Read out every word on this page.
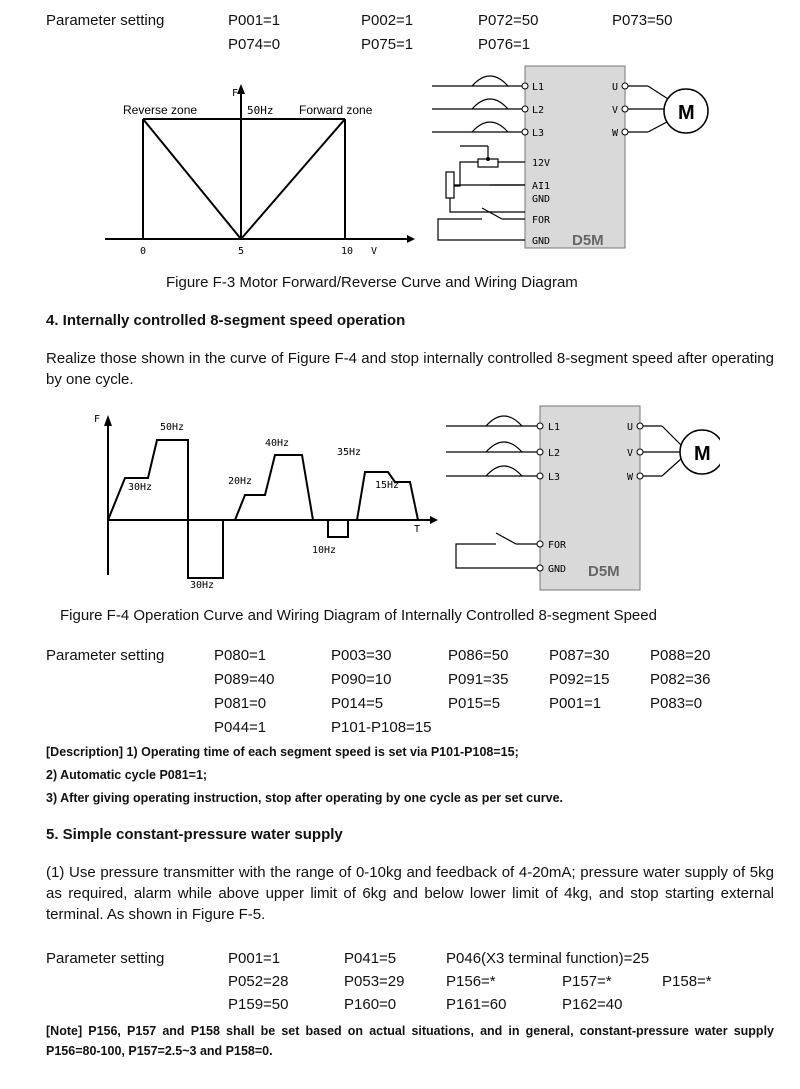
Parameter setting	P001=1	P002=1	P072=50	P073=50
P074=0	P075=1	P076=1
F
Reverse zone	50Hz Forward zone
0	5	10 V
M
L1
L2
L3
12V
AI1
GND
FOR
GND
U
V
W
D5M
Figure F-3 Motor Forward/Reverse Curve and Wiring Diagram
4. Internally controlled 8-segment speed operation
Realize those shown in the curve of Figure F-4 and stop internally controlled 8-segment speed after operating by one cycle.
F
T
30Hz
50Hz
30Hz
20Hz
40Hz
10Hz
35Hz
15Hz
M
L1
L2
L3
FOR
GND
U
V
W
D5M
Figure F-4 Operation Curve and Wiring Diagram of Internally Controlled 8-segment Speed
Parameter setting	P080=1	P003=30	P086=50	P087=30	P088=20
P089=40	P090=10	P091=35	P092=15	P082=36
P081=0	P014=5	P015=5	P001=1	P083=0
P044=1	P101-P108=15
[Description] 1) Operating time of each segment speed is set via P101-P108=15;
2) Automatic cycle P081=1;
3) After giving operating instruction, stop after operating by one cycle as per set curve.
5. Simple constant-pressure water supply
(1) Use pressure transmitter with the range of 0-10kg and feedback of 4-20mA; pressure water supply of 5kg as required, alarm while above upper limit of 6kg and below lower limit of 4kg, and stop starting external terminal. As shown in Figure F-5.
Parameter setting	P001=1	P041=5	P046(X3 terminal function)=25
P052=28	P053=29	P156=*	P157=*	P158=*
P159=50	P160=0	P161=60	P162=40
[Note] P156, P157 and P158 shall be set based on actual situations, and in general, constant-pressure water supply P156=80-100, P157=2.5~3 and P158=0.
